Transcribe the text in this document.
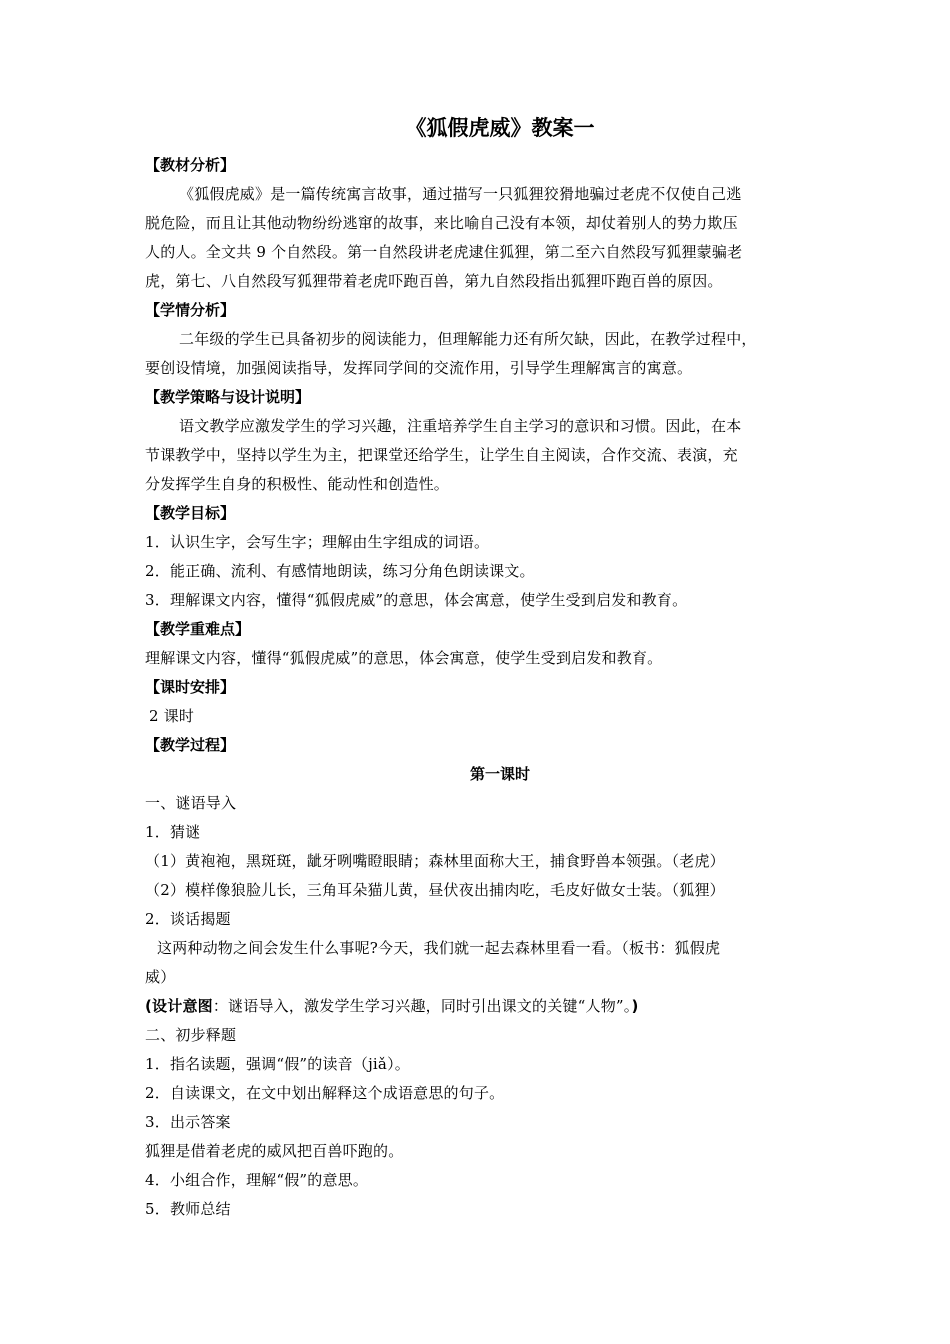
《狐假虎威》教案一
【教材分析】
《狐假虎威》是一篇传统寓言故事，通过描写一只狐狸狡猾地骗过老虎不仅使自己逃
脱危险，而且让其他动物纷纷逃窜的故事，来比喻自己没有本领，却仗着别人的势力欺压
人的人。全文共 9 个自然段。第一自然段讲老虎逮住狐狸，第二至六自然段写狐狸蒙骗老
虎，第七、八自然段写狐狸带着老虎吓跑百兽，第九自然段指出狐狸吓跑百兽的原因。
【学情分析】
二年级的学生已具备初步的阅读能力，但理解能力还有所欠缺，因此，在教学过程中，
要创设情境，加强阅读指导，发挥同学间的交流作用，引导学生理解寓言的寓意。
【教学策略与设计说明】
语文教学应激发学生的学习兴趣，注重培养学生自主学习的意识和习惯。因此，在本
节课教学中，坚持以学生为主，把课堂还给学生，让学生自主阅读，合作交流、表演，充
分发挥学生自身的积极性、能动性和创造性。
【教学目标】
1．认识生字，会写生字；理解由生字组成的词语。
2．能正确、流利、有感情地朗读，练习分角色朗读课文。
3．理解课文内容，懂得“狐假虎威”的意思，体会寓意，使学生受到启发和教育。
【教学重难点】
理解课文内容，懂得“狐假虎威”的意思，体会寓意，使学生受到启发和教育。
【课时安排】
2 课时
【教学过程】
第一课时
一、谜语导入
1．猜谜
（1）黄袍袍，黑斑斑，龇牙咧嘴瞪眼睛；森林里面称大王，捕食野兽本领强。（老虎）
（2）模样像狼脸儿长，三角耳朵猫儿黄，昼伏夜出捕肉吃，毛皮好做女士装。（狐狸）
2．谈话揭题
这两种动物之间会发生什么事呢?今天，我们就一起去森林里看一看。（板书：狐假虎
威）
(设计意图：谜语导入，激发学生学习兴趣，同时引出课文的关键“人物”。)
二、初步释题
1．指名读题，强调“假”的读音（jiǎ）。
2．自读课文，在文中划出解释这个成语意思的句子。
3．出示答案
狐狸是借着老虎的威风把百兽吓跑的。
4．小组合作，理解“假”的意思。
5．教师总结
